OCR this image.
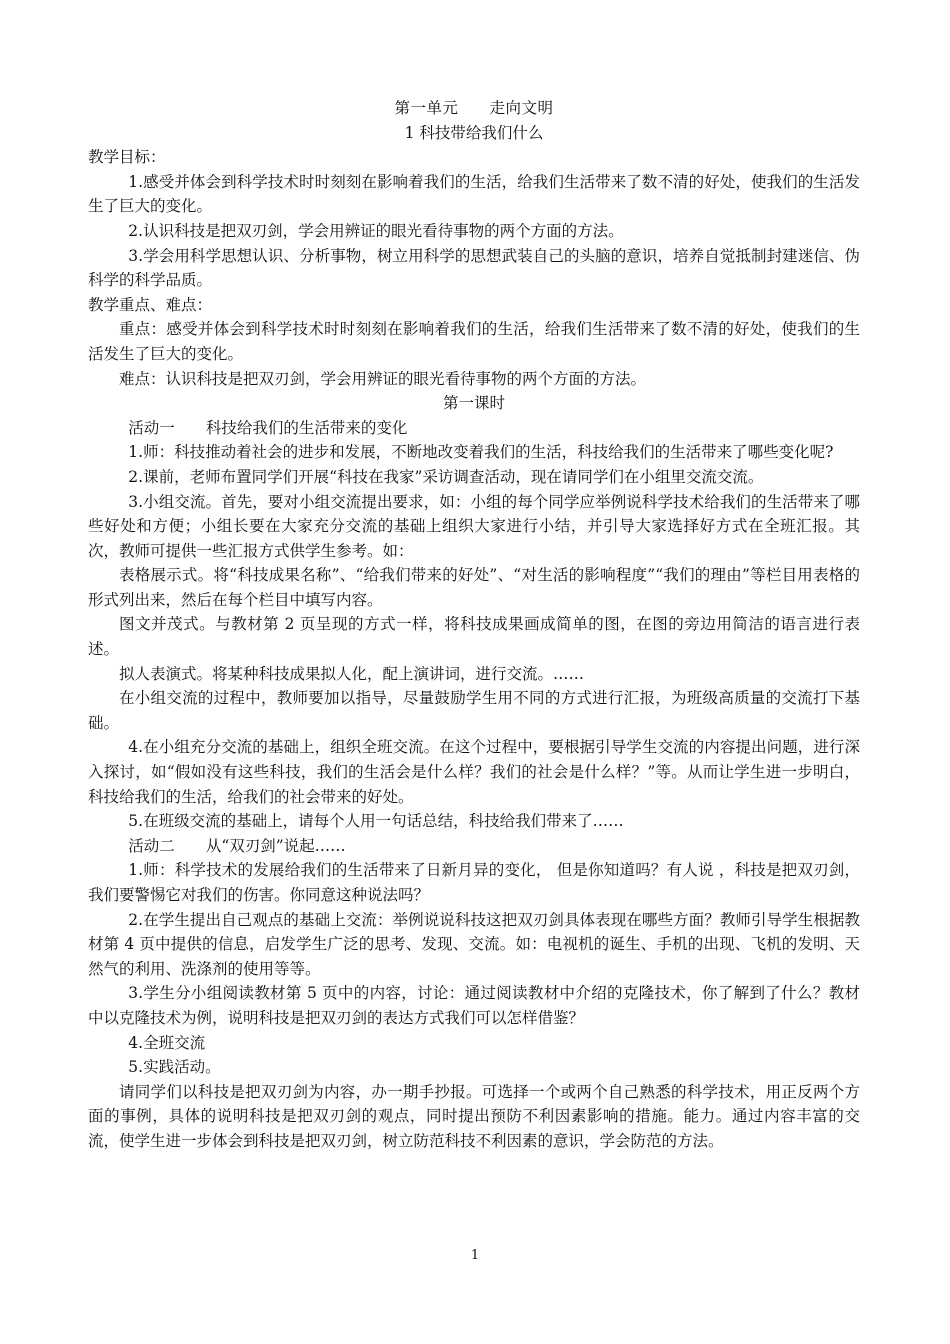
第一单元 走向文明
1 科技带给我们什么

教学目标：

1.感受并体会到科学技术时时刻刻在影响着我们的生活，给我们生活带来了数不清的好处，使我们的生活发生了巨大的变化。

2.认识科技是把双刃剑，学会用辨证的眼光看待事物的两个方面的方法。

3.学会用科学思想认识、分析事物，树立用科学的思想武装自己的头脑的意识，培养自觉抵制封建迷信、伪科学的科学品质。

教学重点、难点：

重点：感受并体会到科学技术时时刻刻在影响着我们的生活，给我们生活带来了数不清的好处，使我们的生活发生了巨大的变化。

难点：认识科技是把双刃剑，学会用辨证的眼光看待事物的两个方面的方法。

第一课时

活动一 科技给我们的生活带来的变化

1.师：科技推动着社会的进步和发展，不断地改变着我们的生活，科技给我们的生活带来了哪些变化呢?

2.课前，老师布置同学们开展“科技在我家”采访调查活动，现在请同学们在小组里交流交流。

3.小组交流。首先，要对小组交流提出要求，如：小组的每个同学应举例说科学技术给我们的生活带来了哪些好处和方便；小组长要在大家充分交流的基础上组织大家进行小结，并引导大家选择好方式在全班汇报。其次，教师可提供一些汇报方式供学生参考。如：

表格展示式。将“科技成果名称”、“给我们带来的好处”、“对生活的影响程度”“我们的理由”等栏目用表格的形式列出来，然后在每个栏目中填写内容。

图文并茂式。与教材第 2 页呈现的方式一样，将科技成果画成简单的图，在图的旁边用简洁的语言进行表述。

拟人表演式。将某种科技成果拟人化，配上演讲词，进行交流。……

在小组交流的过程中，教师要加以指导，尽量鼓励学生用不同的方式进行汇报，为班级高质量的交流打下基础。

4.在小组充分交流的基础上，组织全班交流。在这个过程中，要根据引导学生交流的内容提出问题，进行深入探讨，如“假如没有这些科技，我们的生活会是什么样？我们的社会是什么样？”等。从而让学生进一步明白，科技给我们的生活，给我们的社会带来的好处。

5.在班级交流的基础上，请每个人用一句话总结，科技给我们带来了……

活动二 从“双刃剑”说起……

1.师：科学技术的发展给我们的生活带来了日新月异的变化， 但是你知道吗？有人说 ，科技是把双刃剑，我们要警惕它对我们的伤害。你同意这种说法吗？

2.在学生提出自己观点的基础上交流：举例说说科技这把双刃剑具体表现在哪些方面？教师引导学生根据教材第 4 页中提供的信息，启发学生广泛的思考、发现、交流。如：电视机的诞生、手机的出现、飞机的发明、天然气的利用、洗涤剂的使用等等。

3.学生分小组阅读教材第 5 页中的内容，讨论：通过阅读教材中介绍的克隆技术，你了解到了什么？教材中以克隆技术为例，说明科技是把双刃剑的表达方式我们可以怎样借鉴？

4.全班交流

5.实践活动。

请同学们以科技是把双刃剑为内容，办一期手抄报。可选择一个或两个自己熟悉的科学技术，用正反两个方面的事例，具体的说明科技是把双刃剑的观点，同时提出预防不利因素影响的措施。能力。通过内容丰富的交流，使学生进一步体会到科技是把双刃剑，树立防范科技不利因素的意识，学会防范的方法。

1
